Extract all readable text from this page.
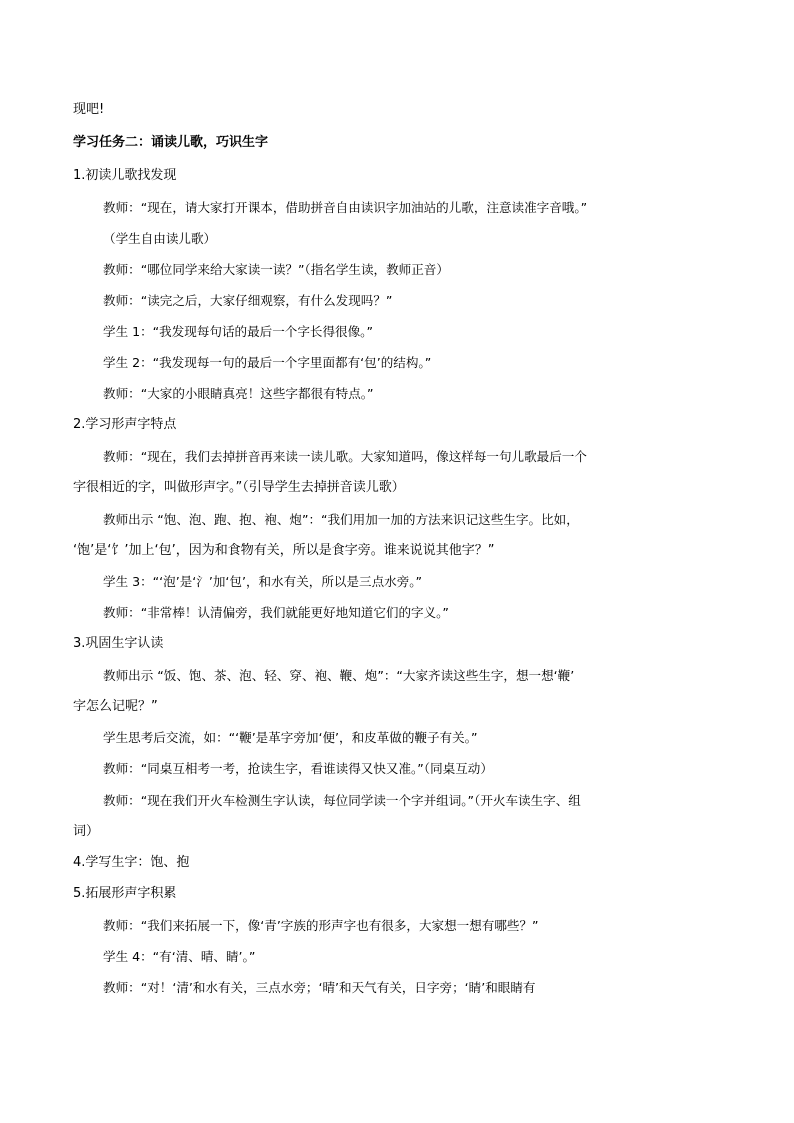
现吧!
学习任务二：诵读儿歌，巧识生字
1.初读儿歌找发现
教师：“现在，请大家打开课本，借助拼音自由读识字加油站的儿歌，注意读准字音哦。”
（学生自由读儿歌）
教师：“哪位同学来给大家读一读？”（指名学生读，教师正音）
教师：“读完之后，大家仔细观察，有什么发现吗？”
学生 1：“我发现每句话的最后一个字长得很像。”
学生 2：“我发现每一句的最后一个字里面都有‘包’的结构。”
教师：“大家的小眼睛真亮！这些字都很有特点。”
2.学习形声字特点
教师：“现在，我们去掉拼音再来读一读儿歌。大家知道吗，像这样每一句儿歌最后一个
字很相近的字，叫做形声字。”（引导学生去掉拼音读儿歌）
教师出示 “饱、泡、跑、抱、袍、炮”：“我们用加一加的方法来识记这些生字。比如，
‘饱’是‘饣’加上‘包’，因为和食物有关，所以是食字旁。谁来说说其他字？”
学生 3：“‘泡’是‘氵’加‘包’，和水有关，所以是三点水旁。”
教师：“非常棒！认清偏旁，我们就能更好地知道它们的字义。”
3.巩固生字认读
教师出示 “饭、饱、茶、泡、轻、穿、袍、鞭、炮”：“大家齐读这些生字，想一想‘鞭’
字怎么记呢？”
学生思考后交流，如：“‘鞭’是革字旁加‘便’，和皮革做的鞭子有关。”
教师：“同桌互相考一考，抢读生字，看谁读得又快又准。”（同桌互动）
教师：“现在我们开火车检测生字认读，每位同学读一个字并组词。”（开火车读生字、组
词）
4.学写生字：饱、抱
5.拓展形声字积累
教师：“我们来拓展一下，像‘青’字族的形声字也有很多，大家想一想有哪些？”
学生 4：“有‘清、晴、睛’。”
教师：“对！‘清’和水有关，三点水旁；‘晴’和天气有关，日字旁；‘睛’和眼睛有
